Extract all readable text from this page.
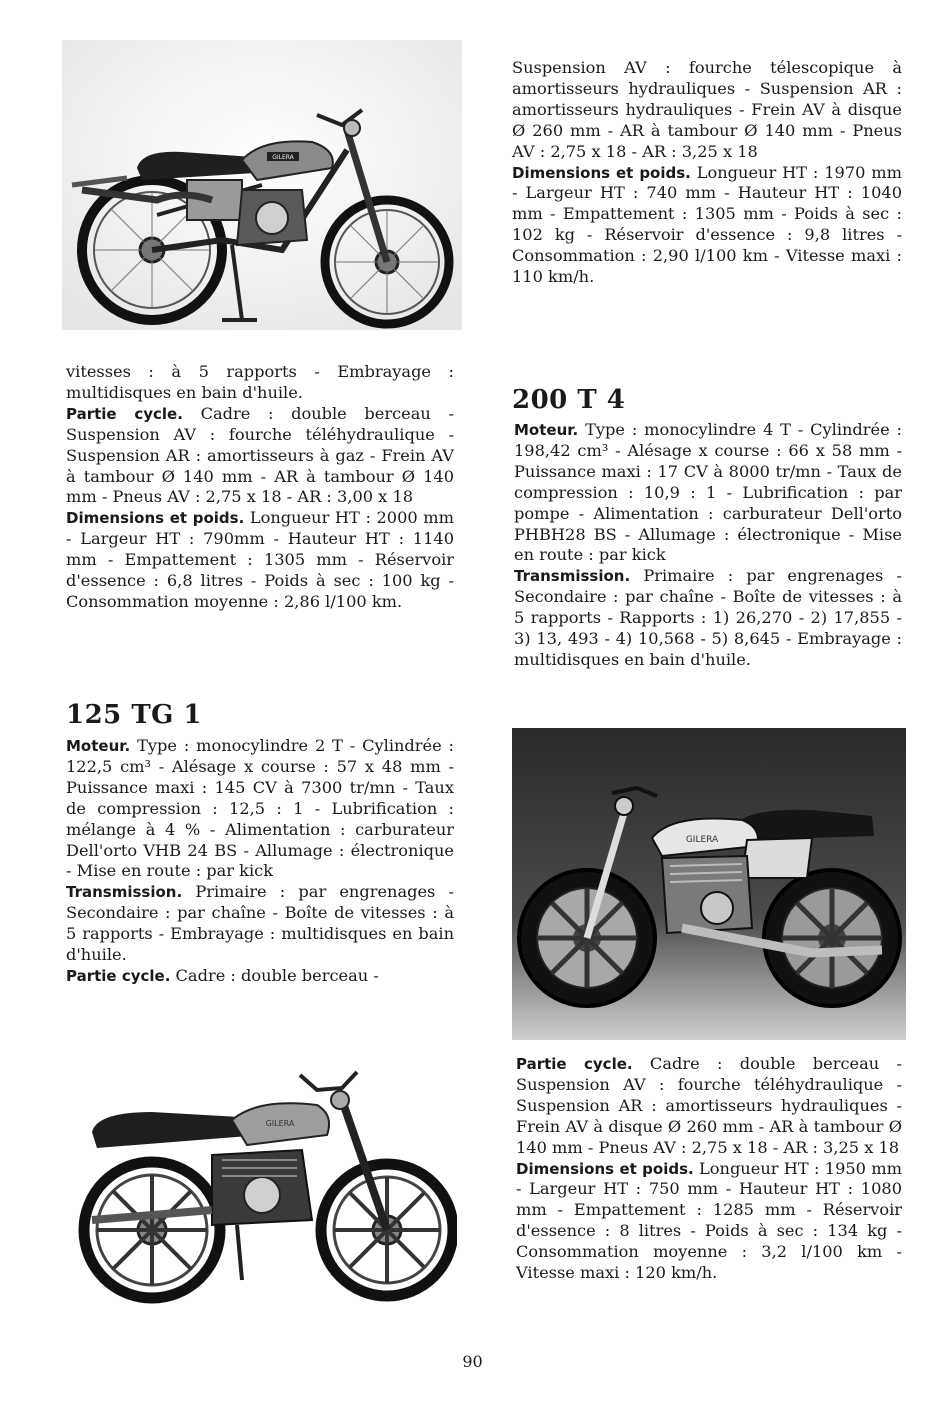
GILERA

vitesses : à 5 rapports - Embrayage : multidisques en bain d'huile.

Partie cycle. Cadre : double berceau - Suspension AV : fourche téléhydraulique - Suspension AR : amortisseurs à gaz - Frein AV à tambour Ø 140 mm - AR à tambour Ø 140 mm - Pneus AV : 2,75 x 18 - AR : 3,00 x 18

Dimensions et poids. Longueur HT : 2000 mm - Largeur HT : 790mm - Hauteur HT : 1140 mm - Empattement : 1305 mm - Réservoir d'essence : 6,8 litres - Poids à sec : 100 kg - Consommation moyenne : 2,86 l/100 km.

125 TG 1

Moteur. Type : monocylindre 2 T - Cylindrée : 122,5 cm³ - Alésage x course : 57 x 48 mm - Puissance maxi : 145 CV à 7300 tr/mn - Taux de compression : 12,5 : 1 - Lubrification : mélange à 4 % - Alimentation : carburateur Dell'orto VHB 24 BS - Allumage : électronique - Mise en route : par kick

Transmission. Primaire : par engrenages - Secondaire : par chaîne - Boîte de vitesses : à 5 rapports - Embrayage : multidisques en bain d'huile.

Partie cycle. Cadre : double berceau -

GILERA

Suspension AV : fourche télescopique à amortisseurs hydrauliques - Suspension AR : amortisseurs hydrauliques - Frein AV à disque Ø 260 mm - AR à tambour Ø 140 mm - Pneus AV : 2,75 x 18 - AR : 3,25 x 18

Dimensions et poids. Longueur HT : 1970 mm - Largeur HT : 740 mm - Hauteur HT : 1040 mm - Empattement : 1305 mm - Poids à sec : 102 kg - Réservoir d'essence : 9,8 litres - Consommation : 2,90 l/100 km - Vitesse maxi : 110 km/h.

200 T 4

Moteur. Type : monocylindre 4 T - Cylindrée : 198,42 cm³ - Alésage x course : 66 x 58 mm - Puissance maxi : 17 CV à 8000 tr/mn - Taux de compression : 10,9 : 1 - Lubrification : par pompe - Alimentation : carburateur Dell'orto PHBH28 BS - Allumage : électronique - Mise en route : par kick

Transmission. Primaire : par engrenages - Secondaire : par chaîne - Boîte de vitesses : à 5 rapports - Rapports : 1) 26,270 - 2) 17,855 - 3) 13, 493 - 4) 10,568 - 5) 8,645 - Embrayage : multidisques en bain d'huile.

GILERA

Partie cycle. Cadre : double berceau - Suspension AV : fourche téléhydraulique - Suspension AR : amortisseurs hydrauliques - Frein AV à disque Ø 260 mm - AR à tambour Ø 140 mm - Pneus AV : 2,75 x 18 - AR : 3,25 x 18

Dimensions et poids. Longueur HT : 1950 mm - Largeur HT : 750 mm - Hauteur HT : 1080 mm - Empattement : 1285 mm - Réservoir d'essence : 8 litres - Poids à sec : 134 kg - Consommation moyenne : 3,2 l/100 km - Vitesse maxi : 120 km/h.

90
